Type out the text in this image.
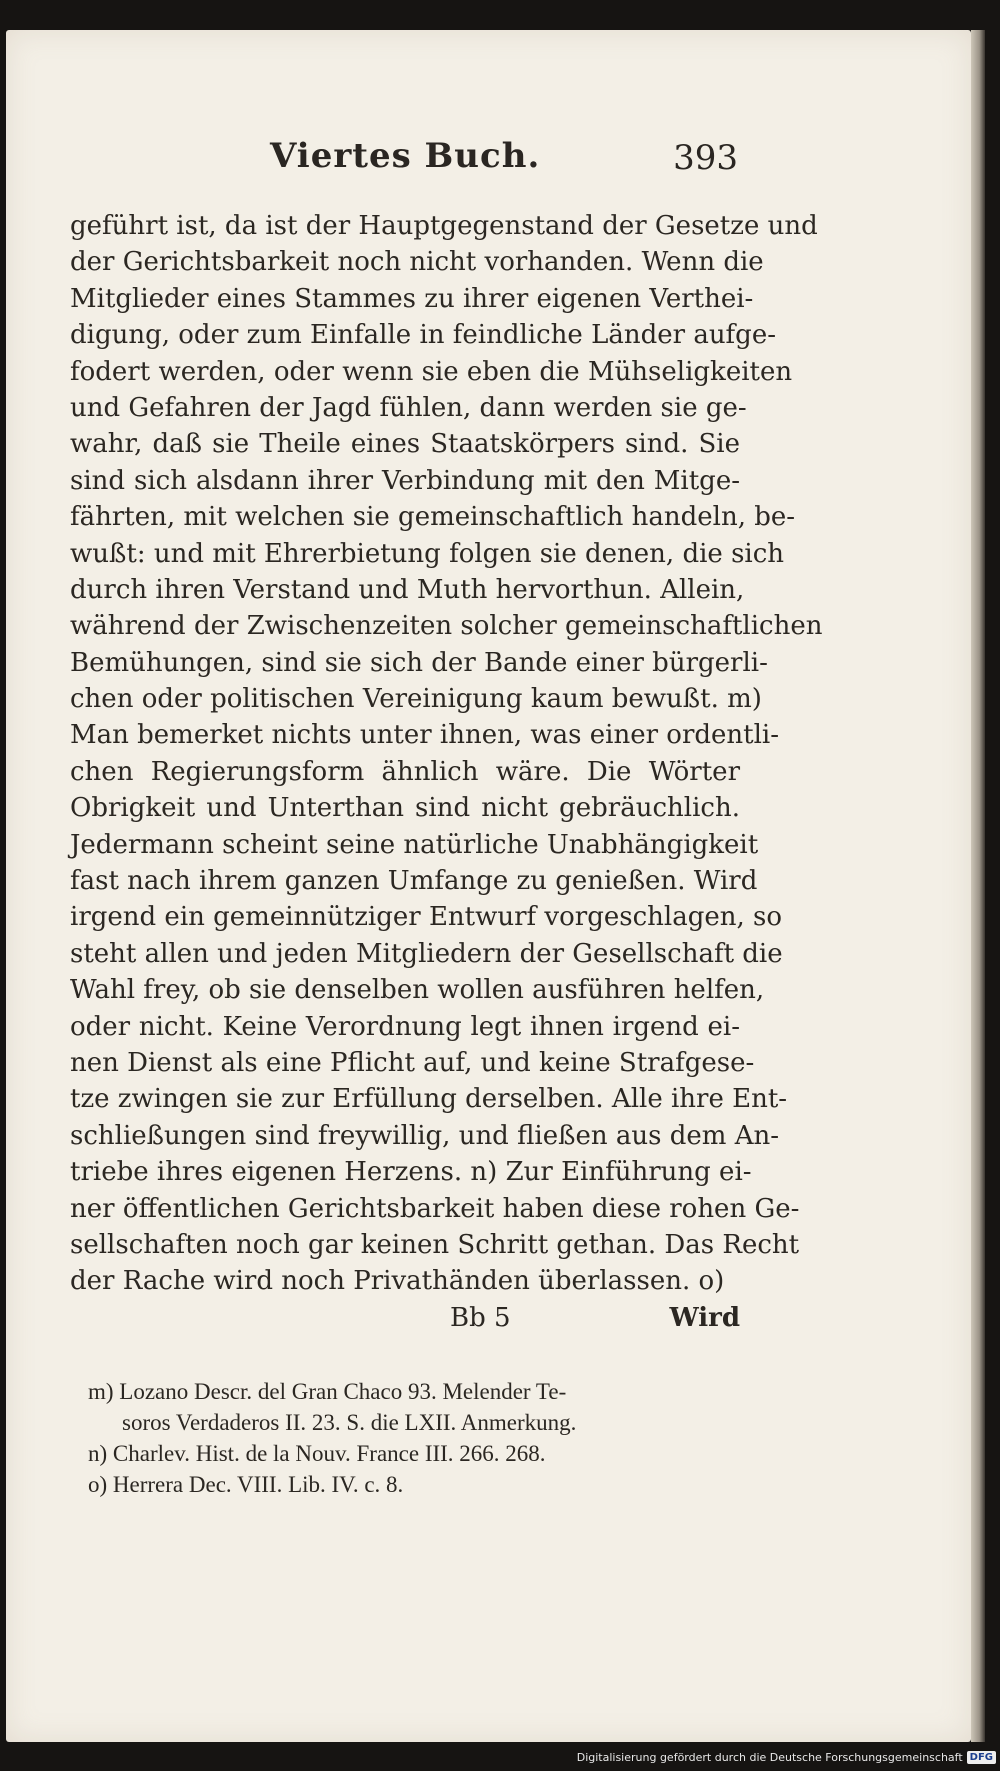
Viertes Buch.	393
geführt ist, da ist der Hauptgegenstand der Gesetze und
der Gerichtsbarkeit noch nicht vorhanden. Wenn die
Mitglieder eines Stammes zu ihrer eigenen Verthei-
digung, oder zum Einfalle in feindliche Länder aufge-
fodert werden, oder wenn sie eben die Mühseligkeiten
und Gefahren der Jagd fühlen, dann werden sie ge-
wahr, daß sie Theile eines Staatskörpers sind. Sie
sind sich alsdann ihrer Verbindung mit den Mitge-
fährten, mit welchen sie gemeinschaftlich handeln, be-
wußt: und mit Ehrerbietung folgen sie denen, die sich
durch ihren Verstand und Muth hervorthun. Allein,
während der Zwischenzeiten solcher gemeinschaftlichen
Bemühungen, sind sie sich der Bande einer bürgerli-
chen oder politischen Vereinigung kaum bewußt. m)
Man bemerket nichts unter ihnen, was einer ordentli-
chen Regierungsform ähnlich wäre. Die Wörter
Obrigkeit und Unterthan sind nicht gebräuchlich.
Jedermann scheint seine natürliche Unabhängigkeit
fast nach ihrem ganzen Umfange zu genießen. Wird
irgend ein gemeinnütziger Entwurf vorgeschlagen, so
steht allen und jeden Mitgliedern der Gesellschaft die
Wahl frey, ob sie denselben wollen ausführen helfen,
oder nicht. Keine Verordnung legt ihnen irgend ei-
nen Dienst als eine Pflicht auf, und keine Strafgese-
tze zwingen sie zur Erfüllung derselben. Alle ihre Ent-
schließungen sind freywillig, und fließen aus dem An-
triebe ihres eigenen Herzens. n) Zur Einführung ei-
ner öffentlichen Gerichtsbarkeit haben diese rohen Ge-
sellschaften noch gar keinen Schritt gethan. Das Recht
der Rache wird noch Privathänden überlassen. o)
Bb 5	Wird
m) Lozano Descr. del Gran Chaco 93. Melender Te-
soros Verdaderos II. 23. S. die LXII. Anmerkung.
n) Charlev. Hist. de la Nouv. France III. 266. 268.
o) Herrera Dec. VIII. Lib. IV. c. 8.
Digitalisierung gefördert durch die Deutsche Forschungsgemeinschaft DFG
